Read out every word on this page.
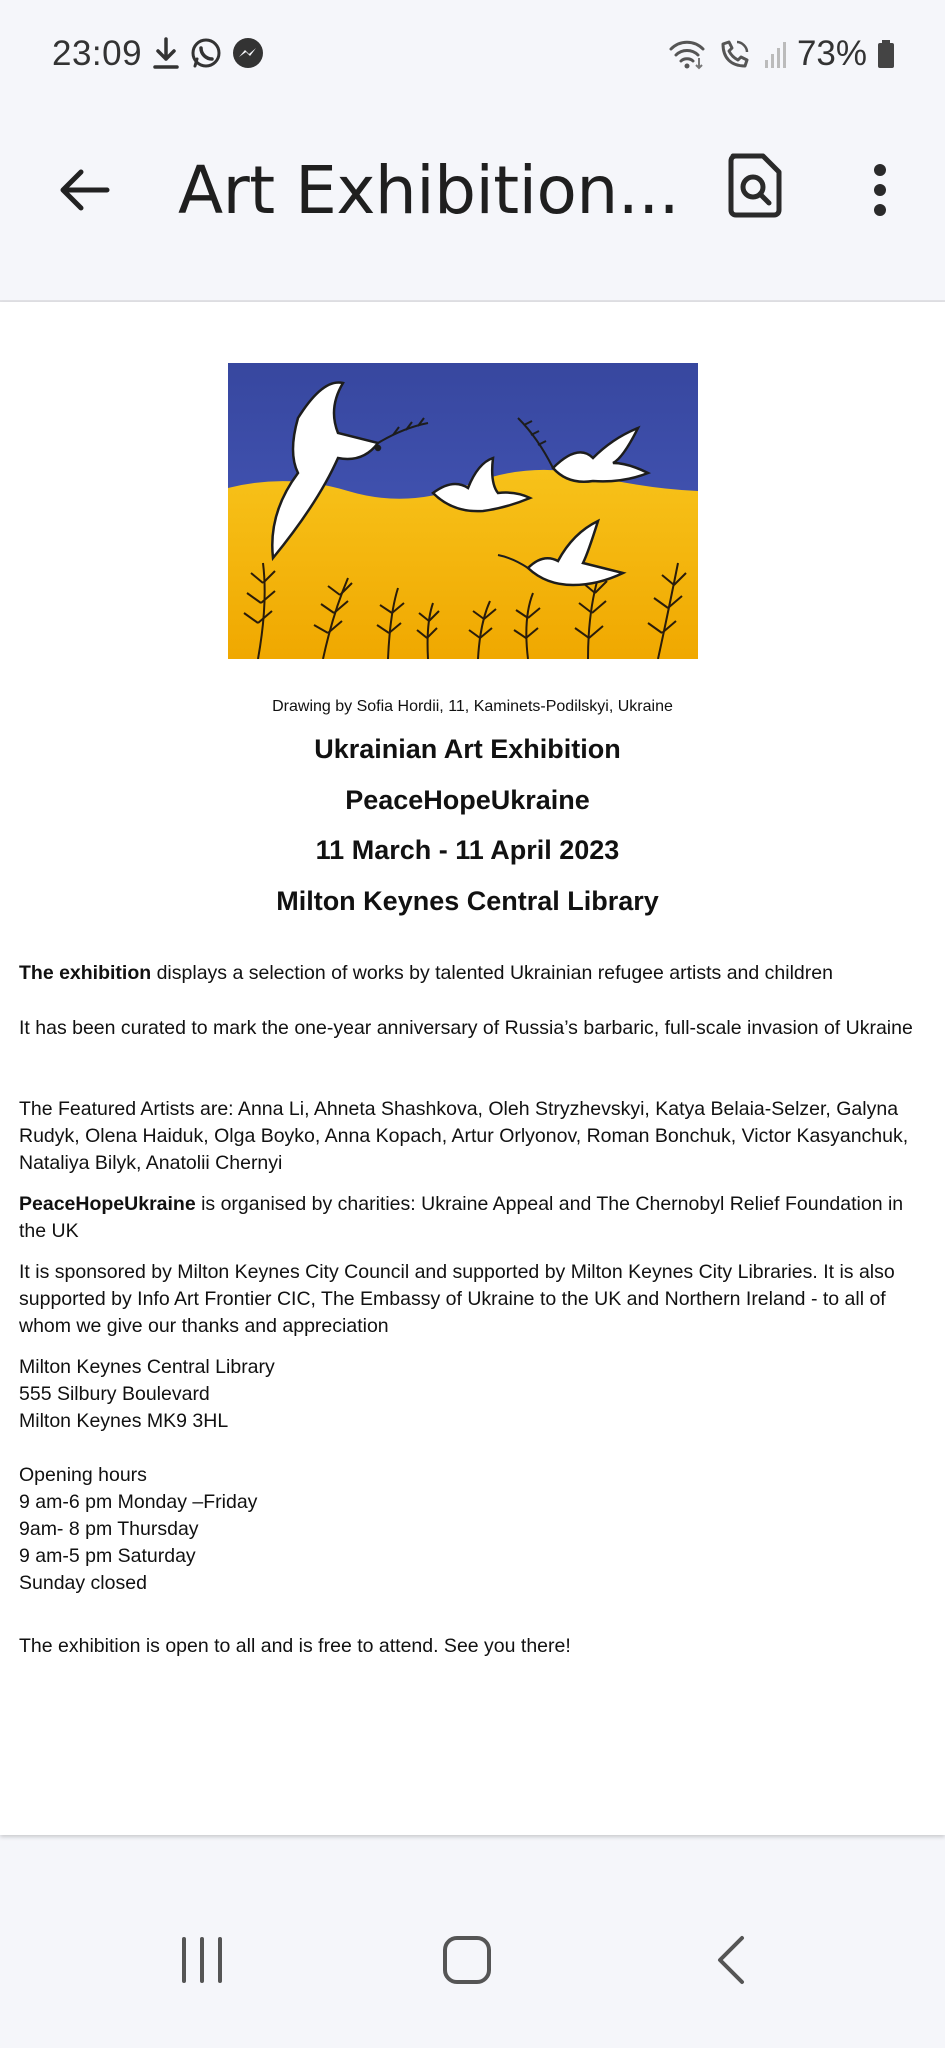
23:09	73%
Art Exhibition...
Drawing by Sofia Hordii, 11, Kaminets-Podilskyi, Ukraine
Ukrainian Art Exhibition
PeaceHopeUkraine
11 March - 11 April 2023
Milton Keynes Central Library
The exhibition displays a selection of works by talented Ukrainian refugee artists and children
It has been curated to mark the one-year anniversary of Russia’s barbaric, full-scale invasion of Ukraine
The Featured Artists are: Anna Li, Ahneta Shashkova, Oleh Stryzhevskyi, Katya Belaia-Selzer, Galyna Rudyk, Olena Haiduk, Olga Boyko, Anna Kopach, Artur Orlyonov, Roman Bonchuk, Victor Kasyanchuk, Nataliya Bilyk, Anatolii Chernyi
PeaceHopeUkraine is organised by charities: Ukraine Appeal and The Chernobyl Relief Foundation in the UK
It is sponsored by Milton Keynes City Council and supported by Milton Keynes City Libraries. It is also supported by Info Art Frontier CIC, The Embassy of Ukraine to the UK and Northern Ireland - to all of whom we give our thanks and appreciation
Milton Keynes Central Library
555 Silbury Boulevard
Milton Keynes MK9 3HL
Opening hours
9 am-6 pm Monday –Friday
9am- 8 pm Thursday
9 am-5 pm Saturday
Sunday closed
The exhibition is open to all and is free to attend. See you there!
